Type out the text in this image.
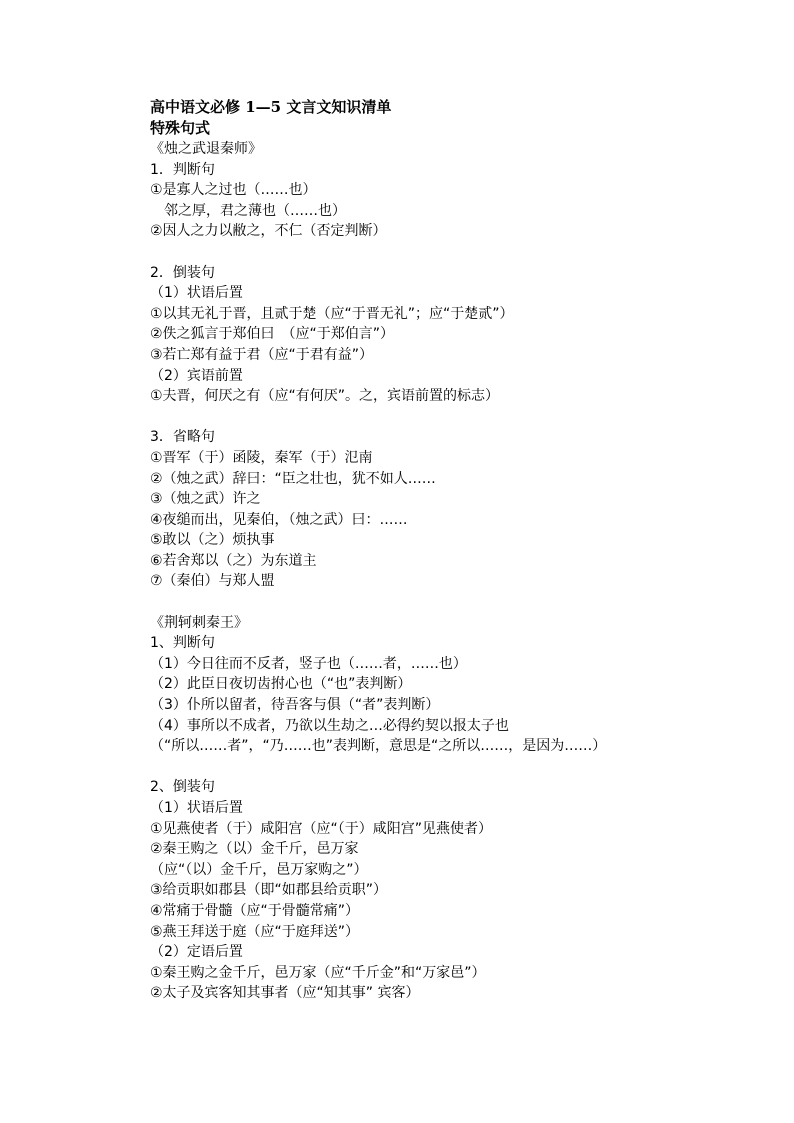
高中语文必修 1—5 文言文知识清单
特殊句式
《烛之武退秦师》
1．判断句
①是寡人之过也（……也）
　邻之厚，君之薄也（……也）
②因人之力以敝之，不仁（否定判断）
2．倒装句
（1）状语后置
①以其无礼于晋，且贰于楚（应“于晋无礼”；应“于楚贰”）
②佚之狐言于郑伯曰　（应“于郑伯言”）
③若亡郑有益于君（应“于君有益”）
（2）宾语前置
①夫晋，何厌之有（应“有何厌”。之，宾语前置的标志）
3．省略句
①晋军（于）函陵，秦军（于）氾南
②（烛之武）辞曰：“臣之壮也，犹不如人……
③（烛之武）许之
④夜缒而出，见秦伯，（烛之武）曰：……
⑤敢以（之）烦执事
⑥若舍郑以（之）为东道主
⑦（秦伯）与郑人盟
《荆轲刺秦王》
1、判断句
（1）今日往而不反者，竖子也（……者，……也）
（2）此臣日夜切齿拊心也（“也”表判断）
（3）仆所以留者，待吾客与俱（“者”表判断）
（4）事所以不成者，乃欲以生劫之…必得约契以报太子也
（“所以……者”，“乃……也”表判断，意思是“之所以……，是因为……）
2、倒装句
（1）状语后置
①见燕使者（于）咸阳宫（应“（于）咸阳宫”见燕使者）
②秦王购之（以）金千斤，邑万家
（应“（以）金千斤，邑万家购之”）
③给贡职如郡县（即“如郡县给贡职”）
④常痛于骨髓（应“于骨髓常痛”）
⑤燕王拜送于庭（应“于庭拜送”）
（2）定语后置
①秦王购之金千斤，邑万家（应“千斤金”和“万家邑”）
②太子及宾客知其事者（应“知其事” 宾客）
